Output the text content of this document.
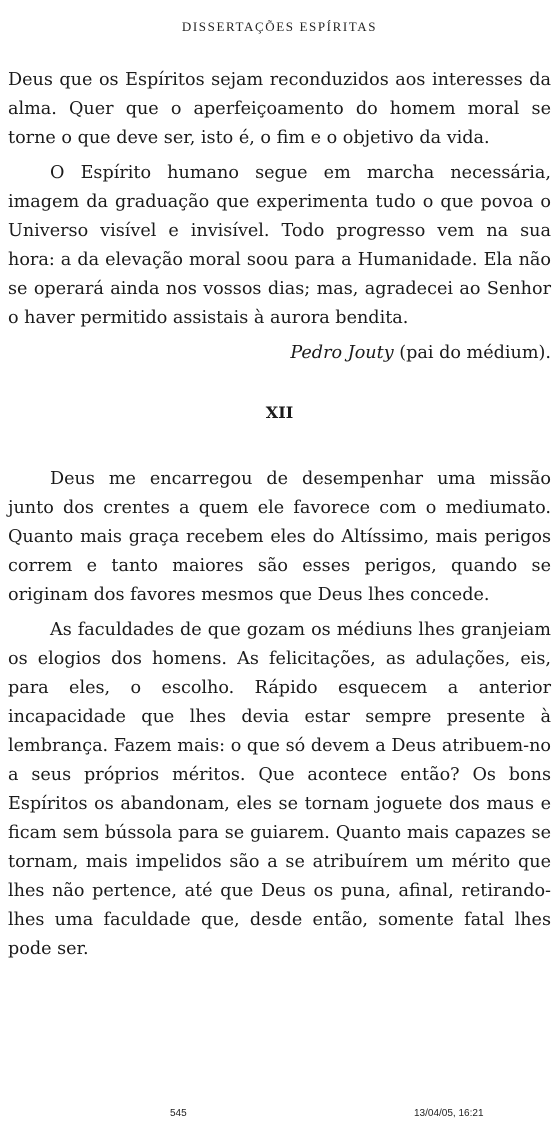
DISSERTAÇÕES ESPÍRITAS

Deus que os Espíritos sejam reconduzidos aos interesses da alma. Quer que o aperfeiçoamento do homem moral se torne o que deve ser, isto é, o fim e o objetivo da vida.

O Espírito humano segue em marcha necessária, imagem da graduação que experimenta tudo o que povoa o Universo visível e invisível. Todo progresso vem na sua hora: a da elevação moral soou para a Humanidade. Ela não se operará ainda nos vossos dias; mas, agradecei ao Senhor o haver permitido assistais à aurora bendita.

Pedro Jouty (pai do médium).

XII

Deus me encarregou de desempenhar uma missão junto dos crentes a quem ele favorece com o mediumato. Quanto mais graça recebem eles do Altíssimo, mais perigos correm e tanto maiores são esses perigos, quando se originam dos favores mesmos que Deus lhes concede.

As faculdades de que gozam os médiuns lhes granjeiam os elogios dos homens. As felicitações, as adulações, eis, para eles, o escolho. Rápido esquecem a anterior incapacidade que lhes devia estar sempre presente à lembrança. Fazem mais: o que só devem a Deus atribuem-no a seus próprios méritos. Que acontece então? Os bons Espíritos os abandonam, eles se tornam joguete dos maus e ficam sem bússola para se guiarem. Quanto mais capazes se tornam, mais impelidos são a se atribuírem um mérito que lhes não pertence, até que Deus os puna, afinal, retirando-lhes uma faculdade que, desde então, somente fatal lhes pode ser.

545	13/04/05, 16:21
